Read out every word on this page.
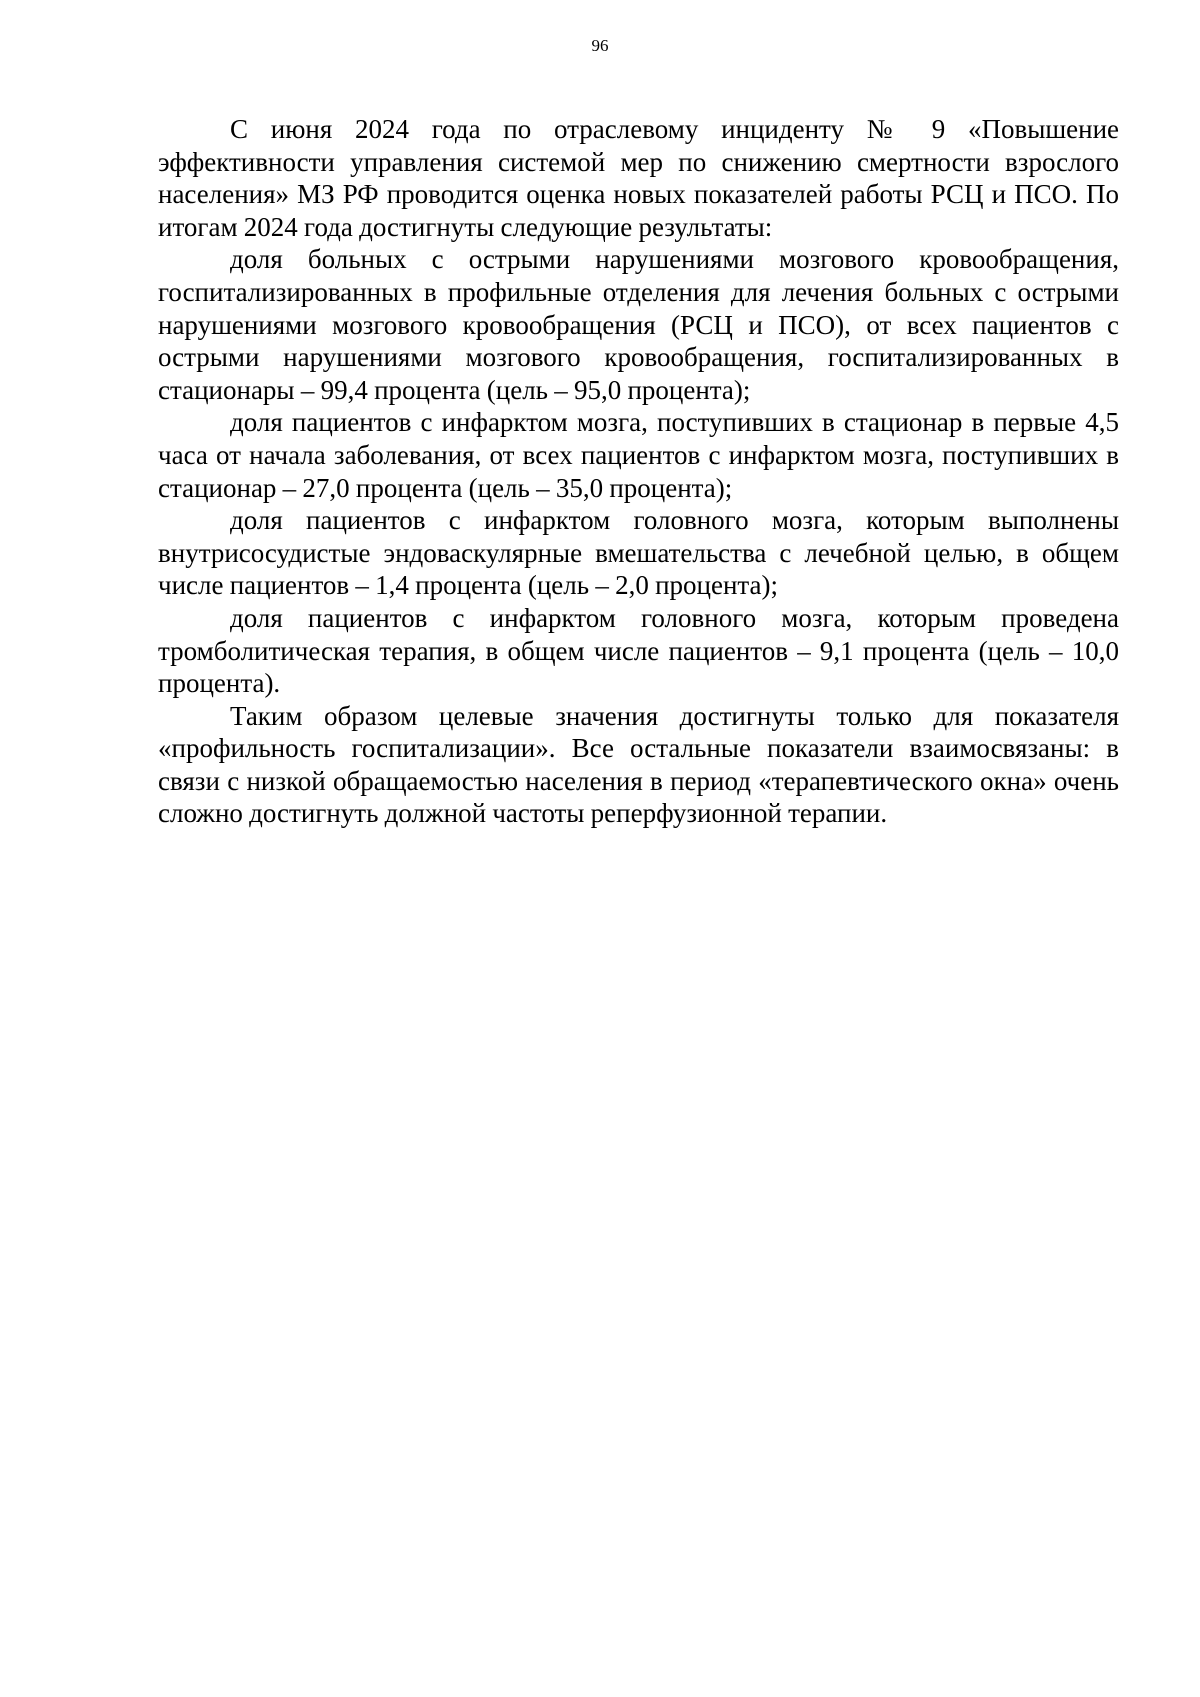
96

С июня 2024 года по отраслевому инциденту № 9 «Повышение эффективности управления системой мер по снижению смертности взрослого населения» МЗ РФ проводится оценка новых показателей работы РСЦ и ПСО. По итогам 2024 года достигнуты следующие результаты:

доля больных с острыми нарушениями мозгового кровообращения, госпитализированных в профильные отделения для лечения больных с острыми нарушениями мозгового кровообращения (РСЦ и ПСО), от всех пациентов с острыми нарушениями мозгового кровообращения, госпитализированных в стационары – 99,4 процента (цель – 95,0 процента);

доля пациентов с инфарктом мозга, поступивших в стационар в первые 4,5 часа от начала заболевания, от всех пациентов с инфарктом мозга, поступивших в стационар – 27,0 процента (цель – 35,0 процента);

доля пациентов с инфарктом головного мозга, которым выполнены внутрисосудистые эндоваскулярные вмешательства с лечебной целью, в общем числе пациентов – 1,4 процента (цель – 2,0 процента);

доля пациентов с инфарктом головного мозга, которым проведена тромболитическая терапия, в общем числе пациентов – 9,1 процента (цель – 10,0 процента).

Таким образом целевые значения достигнуты только для показателя «профильность госпитализации». Все остальные показатели взаимосвязаны: в связи с низкой обращаемостью населения в период «терапевтического окна» очень сложно достигнуть должной частоты реперфузионной терапии.
